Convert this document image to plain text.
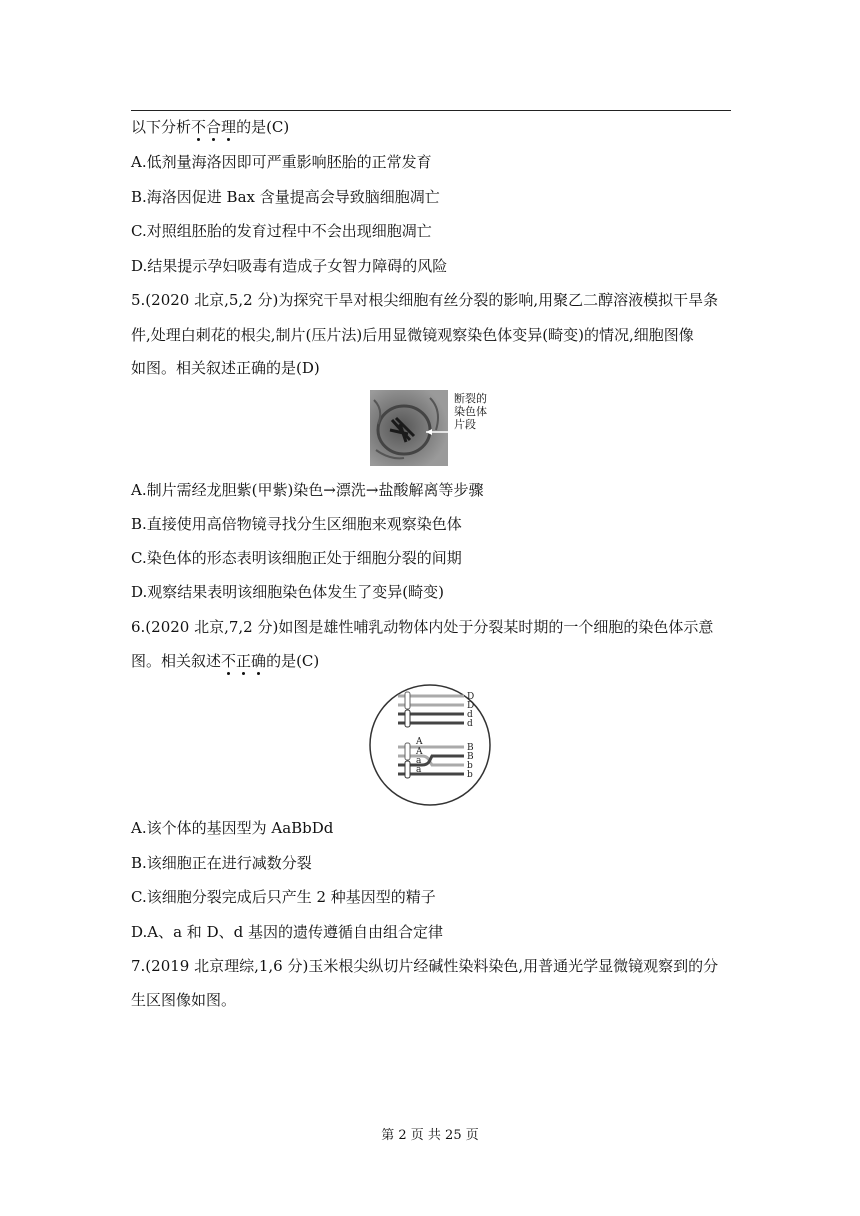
以下分析不合理的是(C)
A.低剂量海洛因即可严重影响胚胎的正常发育
B.海洛因促进 Bax 含量提高会导致脑细胞凋亡
C.对照组胚胎的发育过程中不会出现细胞凋亡
D.结果提示孕妇吸毒有造成子女智力障碍的风险
5.(2020 北京,5,2 分)为探究干旱对根尖细胞有丝分裂的影响,用聚乙二醇溶液模拟干旱条
件,处理白刺花的根尖,制片(压片法)后用显微镜观察染色体变异(畸变)的情况,细胞图像
如图。相关叙述正确的是(D)
断裂的染色体片段
A.制片需经龙胆紫(甲紫)染色→漂洗→盐酸解离等步骤
B.直接使用高倍物镜寻找分生区细胞来观察染色体
C.染色体的形态表明该细胞正处于细胞分裂的间期
D.观察结果表明该细胞染色体发生了变异(畸变)
6.(2020 北京,7,2 分)如图是雄性哺乳动物体内处于分裂某时期的一个细胞的染色体示意
图。相关叙述不正确的是(C)
D
D
d
d
B
B
b
b
A
A
a
a
A.该个体的基因型为 AaBbDd
B.该细胞正在进行减数分裂
C.该细胞分裂完成后只产生 2 种基因型的精子
D.A、a 和 D、d 基因的遗传遵循自由组合定律
7.(2019 北京理综,1,6 分)玉米根尖纵切片经碱性染料染色,用普通光学显微镜观察到的分
生区图像如图。
第 2 页 共 25 页
